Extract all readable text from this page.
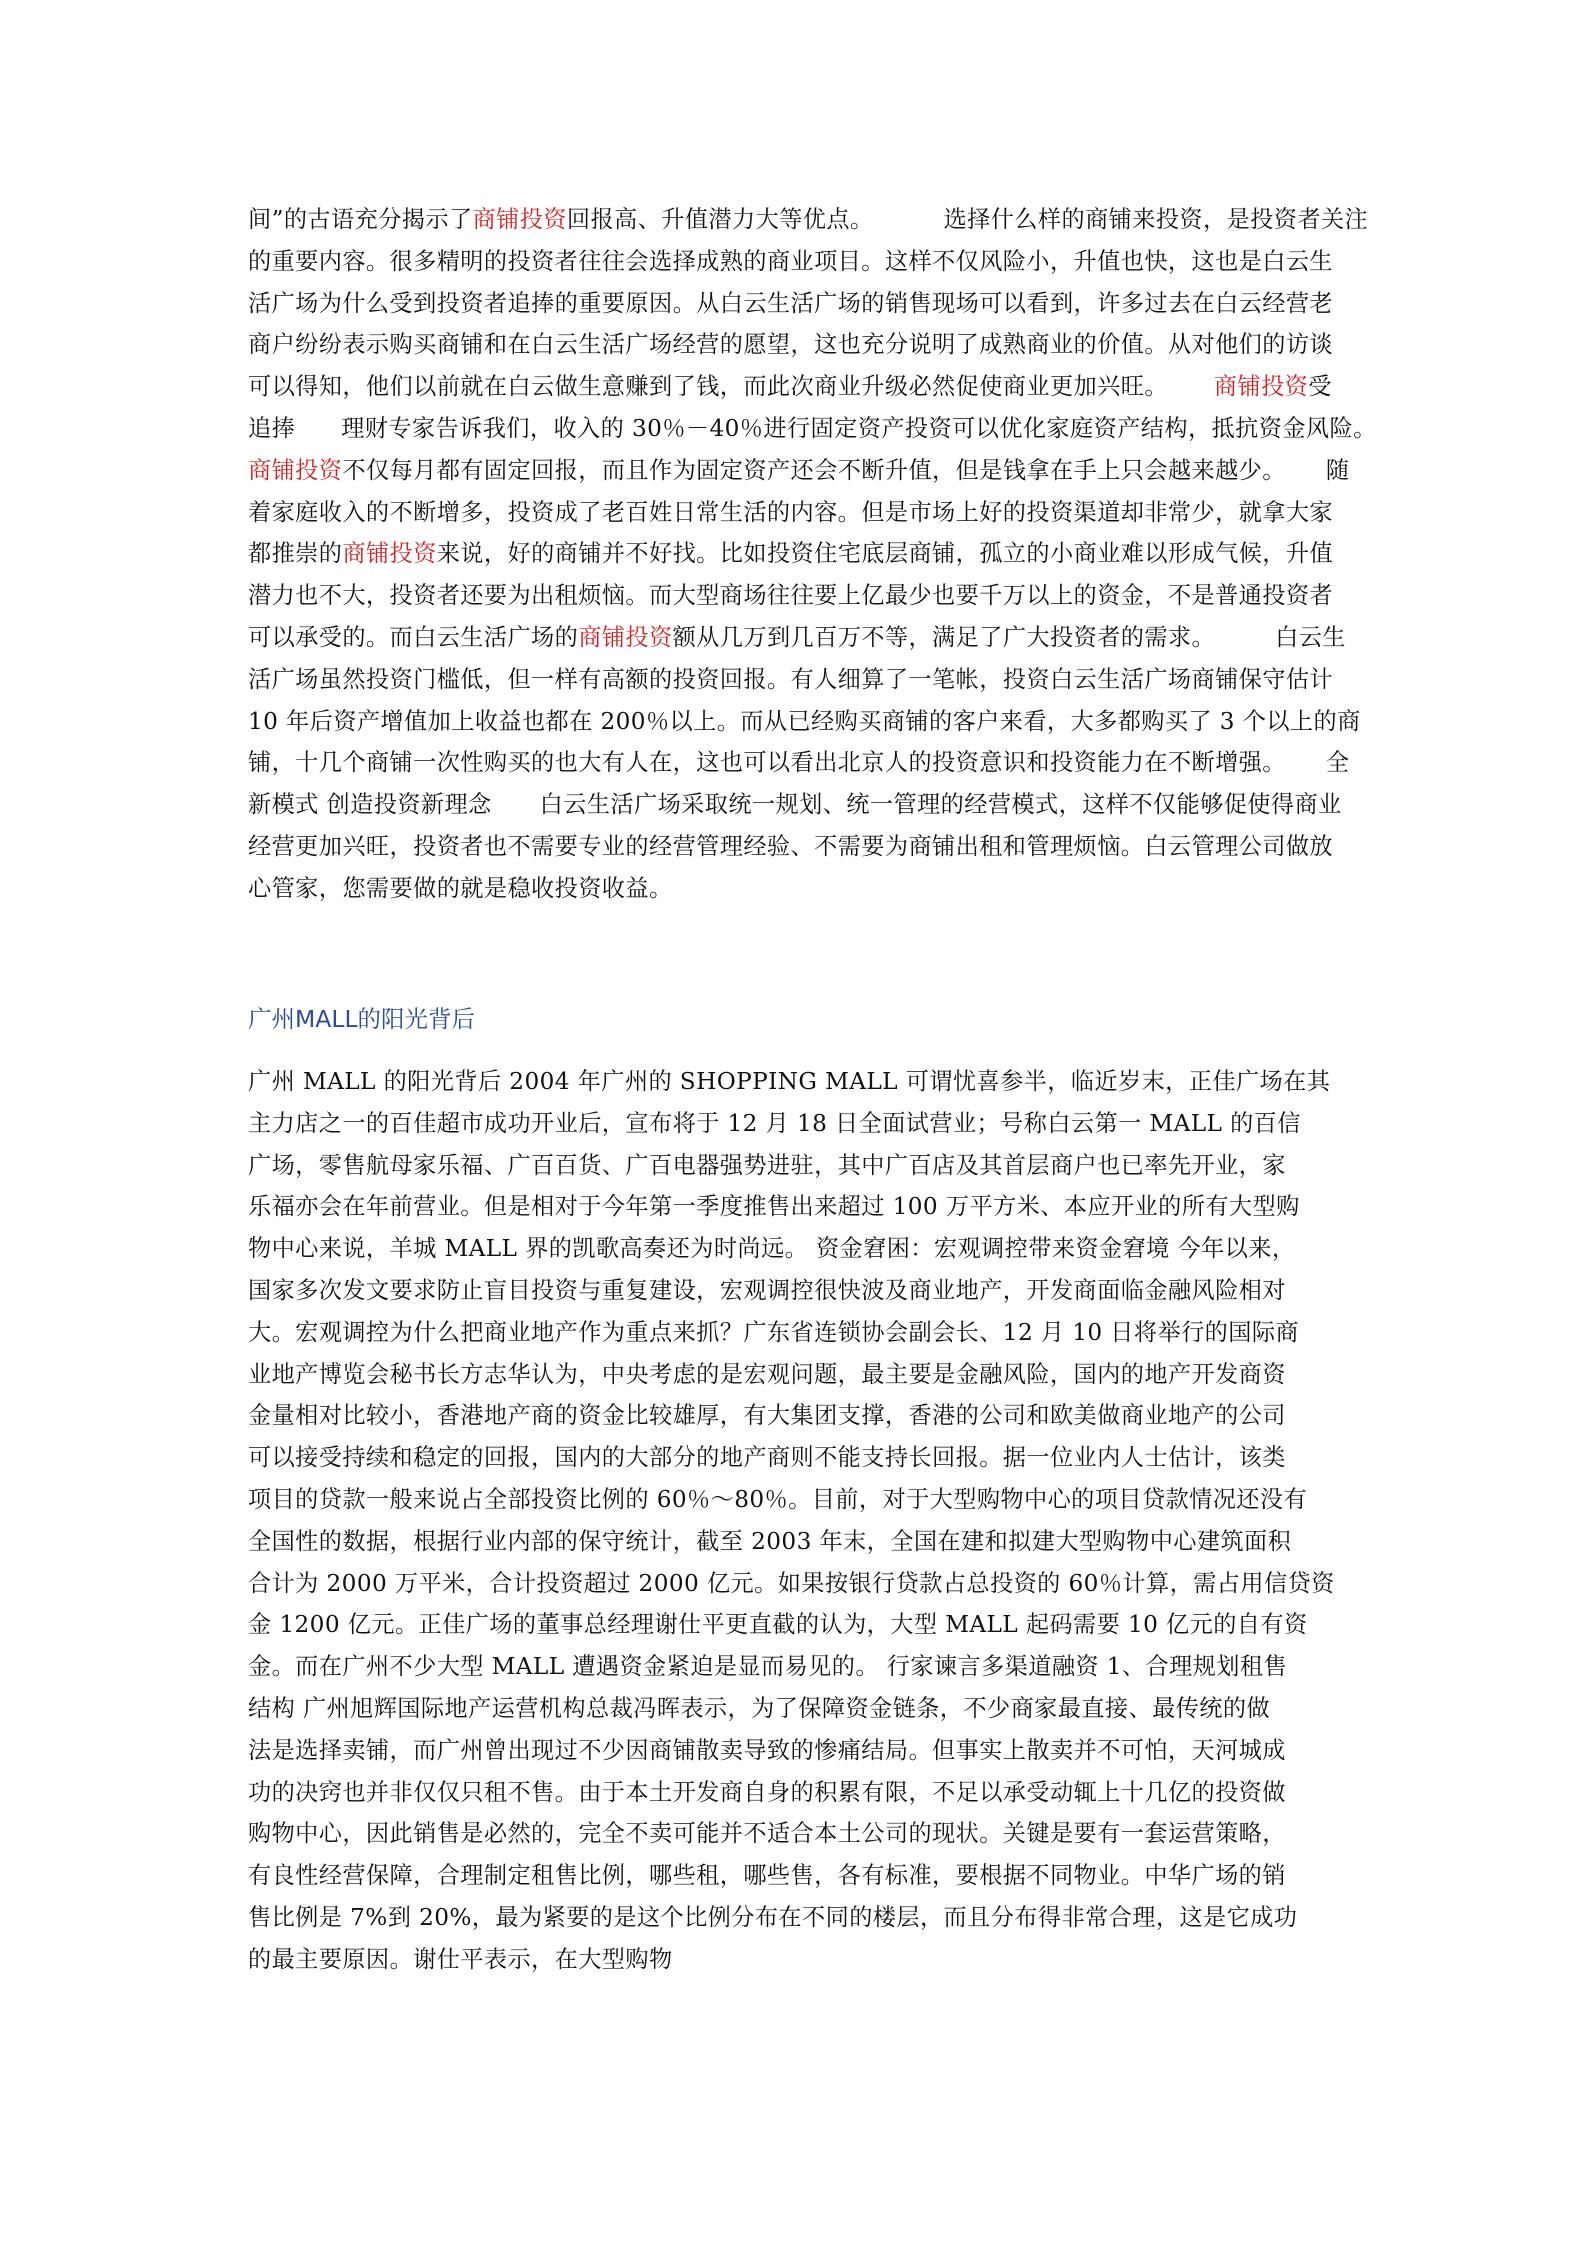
间”的古语充分揭示了商铺投资回报高、升值潜力大等优点。	选择什么样的商铺来投资，是投资者关注
的重要内容。很多精明的投资者往往会选择成熟的商业项目。这样不仅风险小，升值也快，这也是白云生
活广场为什么受到投资者追捧的重要原因。从白云生活广场的销售现场可以看到，许多过去在白云经营老
商户纷纷表示购买商铺和在白云生活广场经营的愿望，这也充分说明了成熟商业的价值。从对他们的访谈
可以得知，他们以前就在白云做生意赚到了钱，而此次商业升级必然促使商业更加兴旺。 商铺投资受
追捧 理财专家告诉我们，收入的 30％－40％进行固定资产投资可以优化家庭资产结构，抵抗资金风险。
商铺投资不仅每月都有固定回报，而且作为固定资产还会不断升值，但是钱拿在手上只会越来越少。 随
着家庭收入的不断增多，投资成了老百姓日常生活的内容。但是市场上好的投资渠道却非常少，就拿大家
都推崇的商铺投资来说，好的商铺并不好找。比如投资住宅底层商铺，孤立的小商业难以形成气候，升值
潜力也不大，投资者还要为出租烦恼。而大型商场往往要上亿最少也要千万以上的资金，不是普通投资者
可以承受的。而白云生活广场的商铺投资额从几万到几百万不等，满足了广大投资者的需求。	白云生
活广场虽然投资门槛低，但一样有高额的投资回报。有人细算了一笔帐，投资白云生活广场商铺保守估计
10 年后资产增值加上收益也都在 200％以上。而从已经购买商铺的客户来看，大多都购买了 3 个以上的商
铺，十几个商铺一次性购买的也大有人在，这也可以看出北京人的投资意识和投资能力在不断增强。 全
新模式 创造投资新理念 白云生活广场采取统一规划、统一管理的经营模式，这样不仅能够促使得商业
经营更加兴旺，投资者也不需要专业的经营管理经验、不需要为商铺出租和管理烦恼。白云管理公司做放
心管家，您需要做的就是稳收投资收益。
广州MALL的阳光背后
广州 MALL 的阳光背后 2004 年广州的 SHOPPING MALL 可谓忧喜参半，临近岁末，正佳广场在其
主力店之一的百佳超市成功开业后，宣布将于 12 月 18 日全面试营业；号称白云第一 MALL 的百信
广场，零售航母家乐福、广百百货、广百电器强势进驻，其中广百店及其首层商户也已率先开业，家
乐福亦会在年前营业。但是相对于今年第一季度推售出来超过 100 万平方米、本应开业的所有大型购
物中心来说，羊城 MALL 界的凯歌高奏还为时尚远。 资金窘困：宏观调控带来资金窘境 今年以来，
国家多次发文要求防止盲目投资与重复建设，宏观调控很快波及商业地产，开发商面临金融风险相对
大。宏观调控为什么把商业地产作为重点来抓？广东省连锁协会副会长、12 月 10 日将举行的国际商
业地产博览会秘书长方志华认为，中央考虑的是宏观问题，最主要是金融风险，国内的地产开发商资
金量相对比较小，香港地产商的资金比较雄厚，有大集团支撑，香港的公司和欧美做商业地产的公司
可以接受持续和稳定的回报，国内的大部分的地产商则不能支持长回报。据一位业内人士估计，该类
项目的贷款一般来说占全部投资比例的 60％～80％。目前，对于大型购物中心的项目贷款情况还没有
全国性的数据，根据行业内部的保守统计，截至 2003 年末，全国在建和拟建大型购物中心建筑面积
合计为 2000 万平米，合计投资超过 2000 亿元。如果按银行贷款占总投资的 60％计算，需占用信贷资
金 1200 亿元。正佳广场的董事总经理谢仕平更直截的认为，大型 MALL 起码需要 10 亿元的自有资
金。而在广州不少大型 MALL 遭遇资金紧迫是显而易见的。 行家谏言多渠道融资 1、合理规划租售
结构 广州旭辉国际地产运营机构总裁冯晖表示，为了保障资金链条，不少商家最直接、最传统的做
法是选择卖铺，而广州曾出现过不少因商铺散卖导致的惨痛结局。但事实上散卖并不可怕，天河城成
功的决窍也并非仅仅只租不售。由于本土开发商自身的积累有限，不足以承受动辄上十几亿的投资做
购物中心，因此销售是必然的，完全不卖可能并不适合本土公司的现状。关键是要有一套运营策略，
有良性经营保障，合理制定租售比例，哪些租，哪些售，各有标准，要根据不同物业。中华广场的销
售比例是 7%到 20%，最为紧要的是这个比例分布在不同的楼层，而且分布得非常合理，这是它成功
的最主要原因。谢仕平表示，在大型购物
